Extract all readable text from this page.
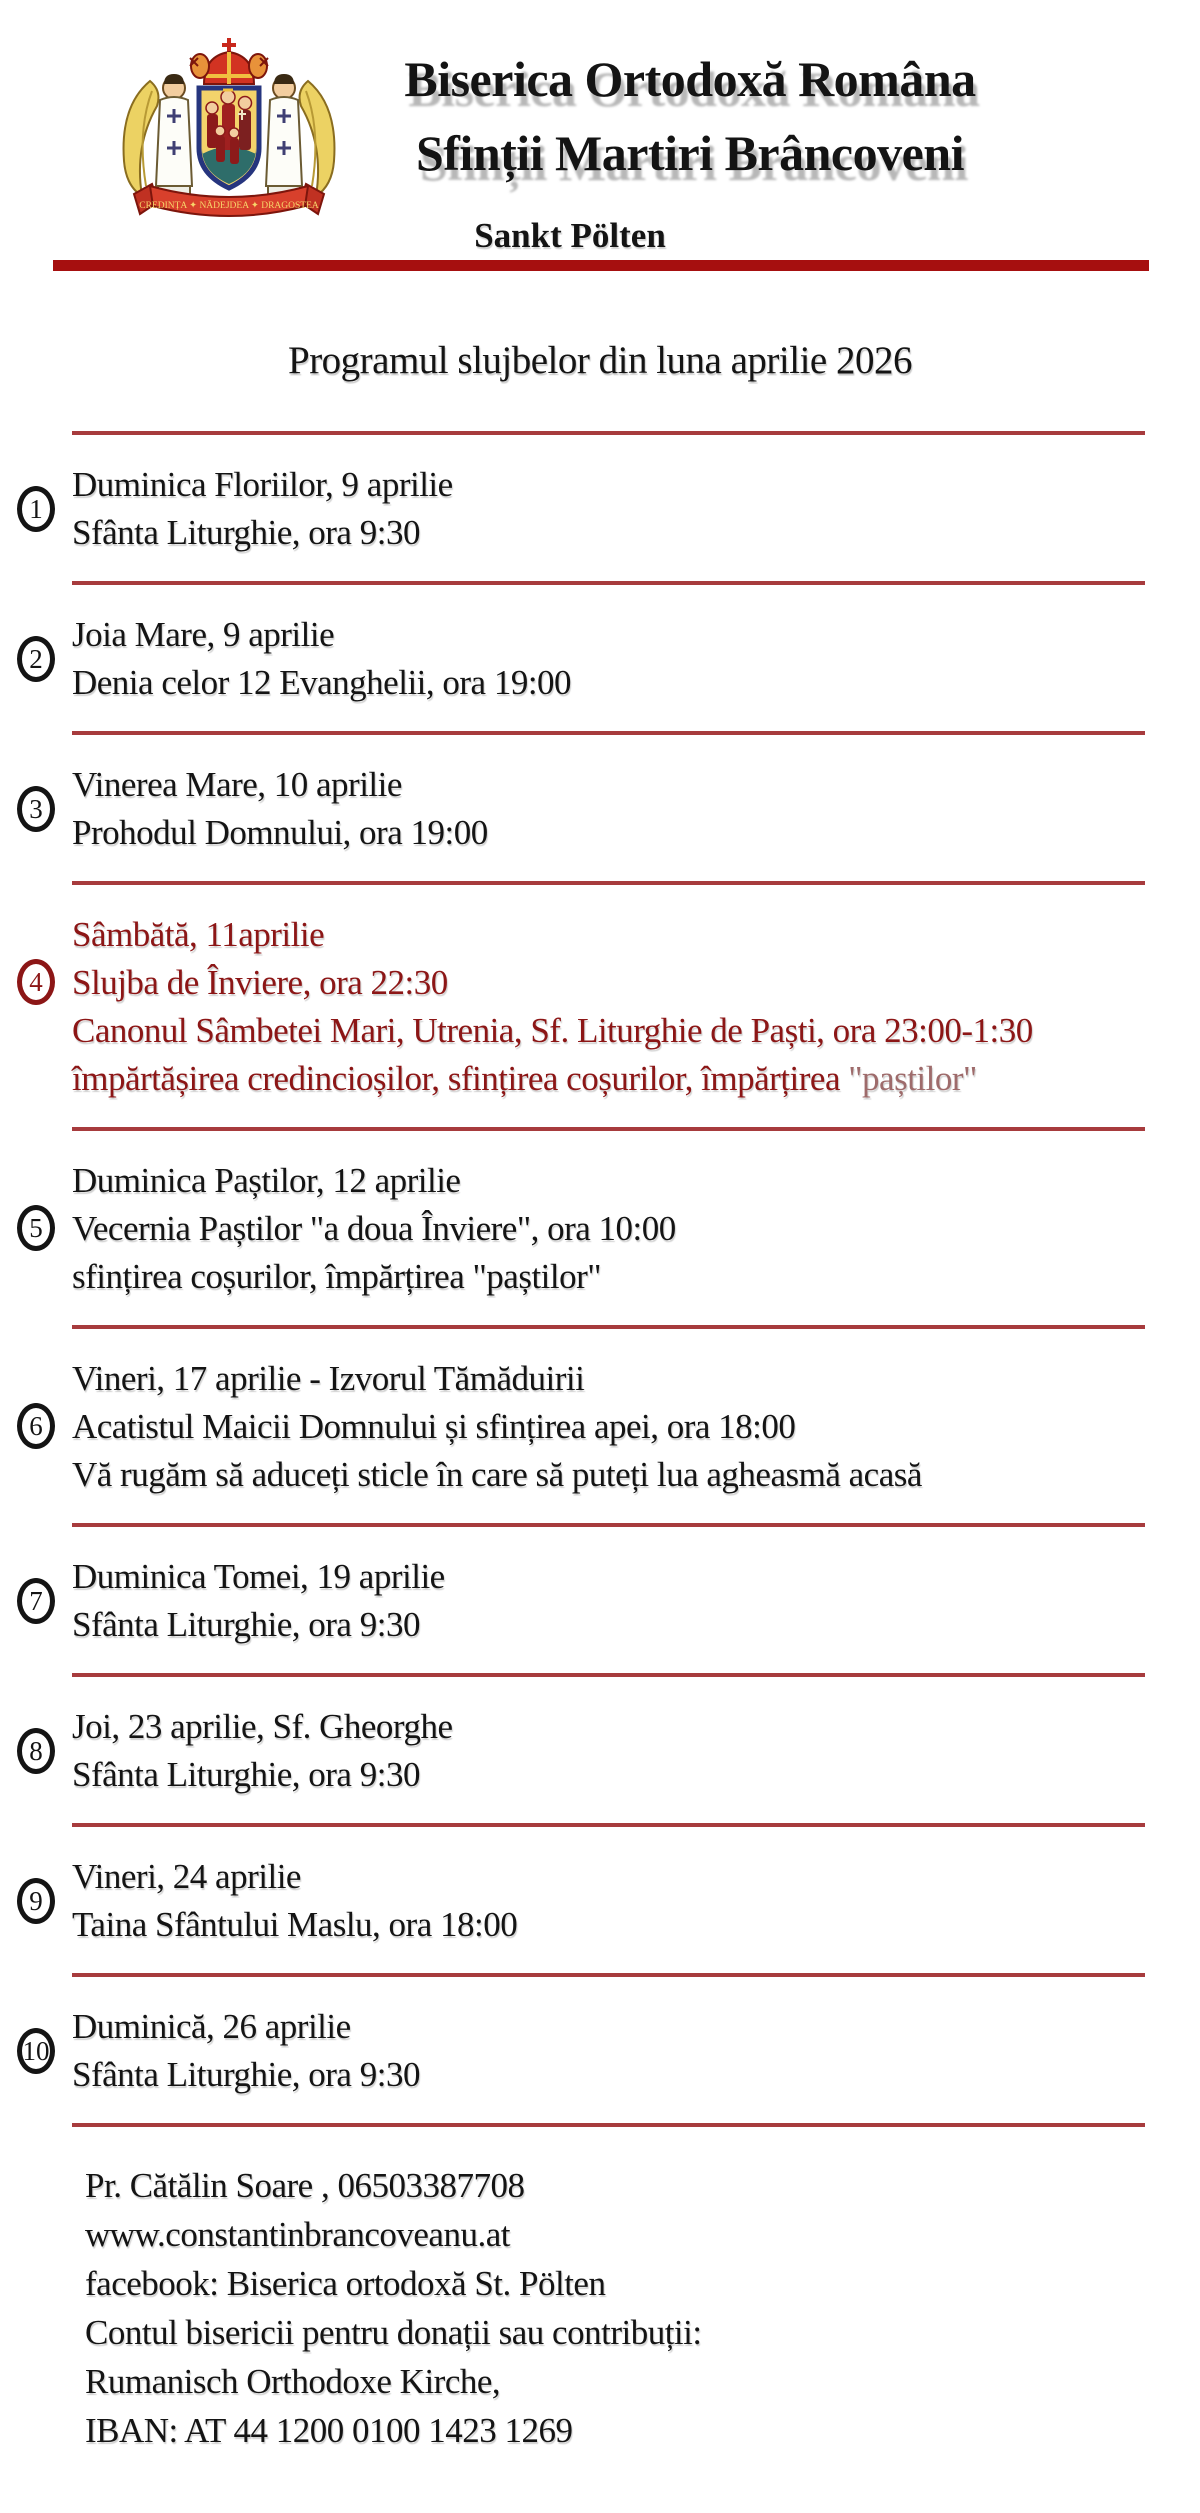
CREDINȚA ✦ NĂDEJDEA ✦ DRAGOSTEA
Biserica Ortodoxă Româna
Sfinții Martiri Brâncoveni
Sankt Pölten
Programul slujbelor din luna aprilie 2026
1
Duminica Floriilor, 9 aprilie
Sfânta Liturghie, ora 9:30
2
Joia Mare, 9 aprilie
Denia celor 12 Evanghelii, ora 19:00
3
Vinerea Mare, 10 aprilie
Prohodul Domnului, ora 19:00
4
Sâmbătă, 11aprilie
Slujba de Înviere, ora 22:30
Canonul Sâmbetei Mari, Utrenia, Sf. Liturghie de Paști, ora 23:00-1:30
împărtășirea credincioșilor, sfințirea coșurilor, împărțirea "paștilor"
5
Duminica Paștilor, 12 aprilie
Vecernia Paștilor "a doua Înviere", ora 10:00
sfințirea coșurilor, împărțirea "paștilor"
6
Vineri, 17 aprilie - Izvorul Tămăduirii
Acatistul Maicii Domnului și sfințirea apei, ora 18:00
Vă rugăm să aduceți sticle în care să puteți lua agheasmă acasă
7
Duminica Tomei, 19 aprilie
Sfânta Liturghie, ora 9:30
8
Joi, 23 aprilie, Sf. Gheorghe
Sfânta Liturghie, ora 9:30
9
Vineri, 24 aprilie
Taina Sfântului Maslu, ora 18:00
10
Duminică, 26 aprilie
Sfânta Liturghie, ora 9:30
Pr. Cătălin Soare , 06503387708
www.constantinbrancoveanu.at
facebook: Biserica ortodoxă St. Pölten
Contul bisericii pentru donații sau contribuții:
Rumanisch Orthodoxe Kirche,
IBAN: AT 44 1200 0100 1423 1269
